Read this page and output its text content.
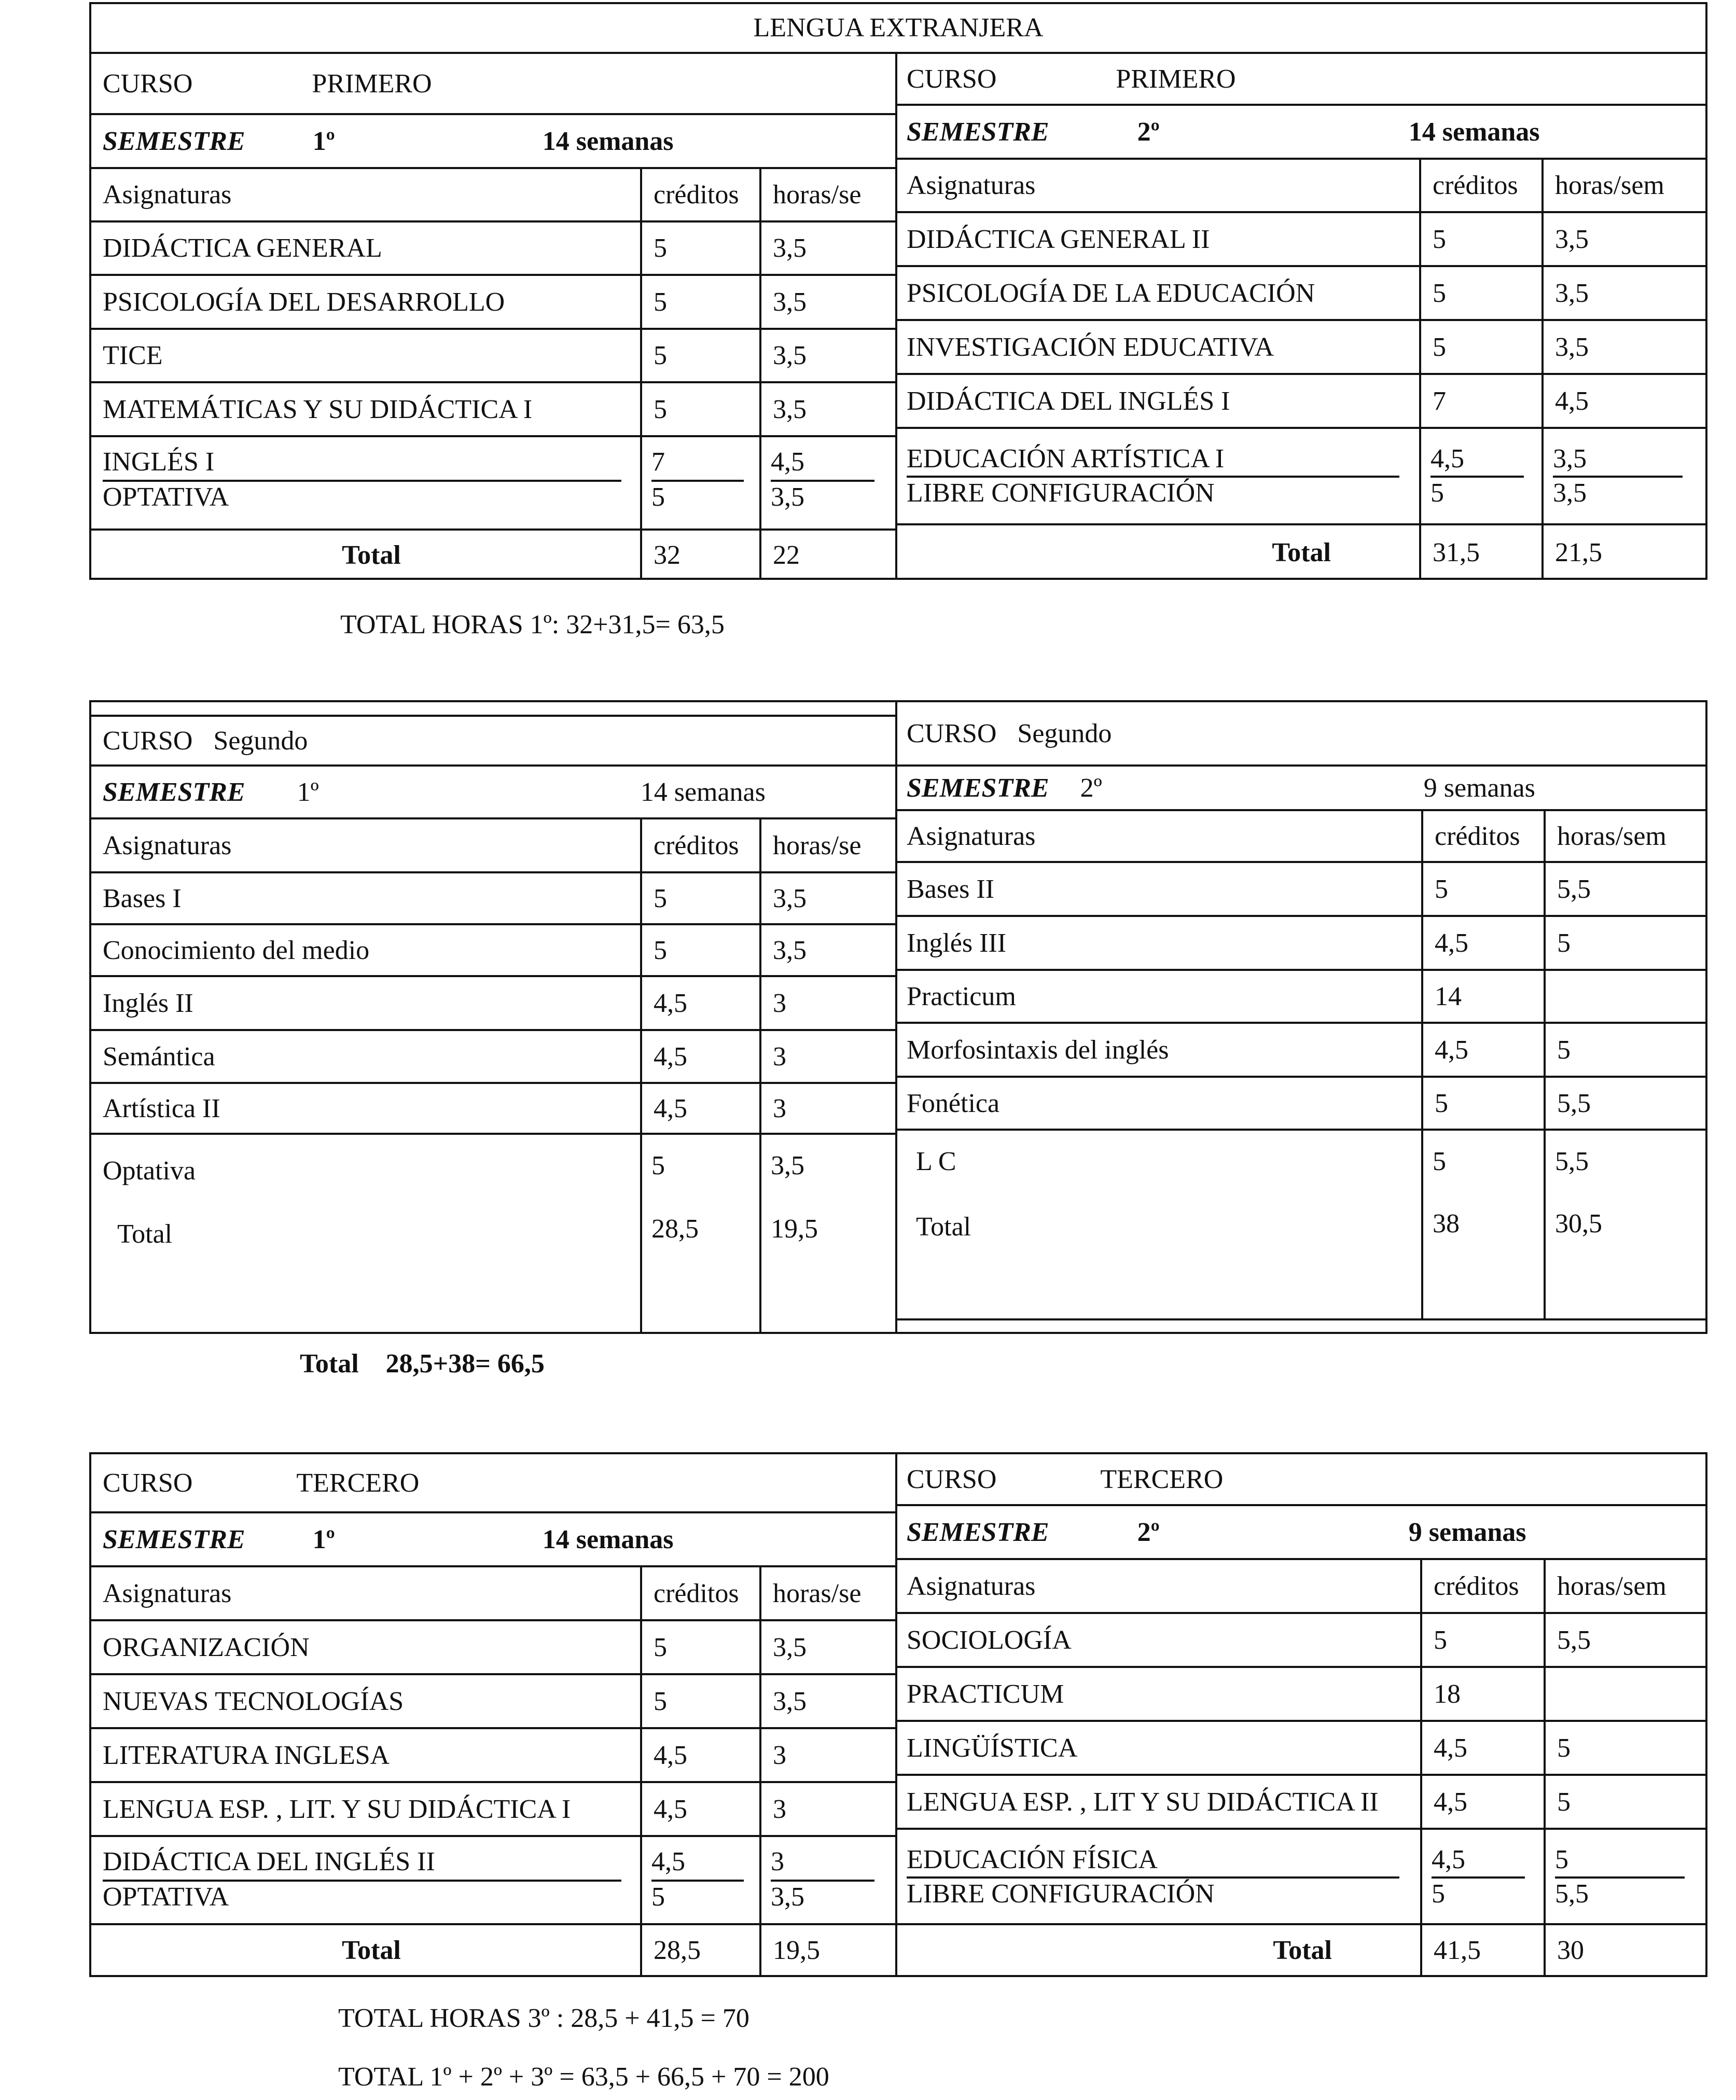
LENGUA EXTRANJERA
CURSO	PRIMERO
SEMESTRE	1º	14 semanas
Asignaturas	créditos	horas/se
DIDÁCTICA GENERAL	5	3,5
PSICOLOGÍA DEL DESARROLLO	5	3,5
TICE	5	3,5
MATEMÁTICAS Y SU DIDÁCTICA I	5	3,5
INGLÉS I	7	4,5
OPTATIVA	5	3,5
Total	32	22
CURSO	PRIMERO
SEMESTRE	2º	14 semanas
Asignaturas	créditos	horas/sem
DIDÁCTICA GENERAL II	5	3,5
PSICOLOGÍA DE LA EDUCACIÓN	5	3,5
INVESTIGACIÓN EDUCATIVA	5	3,5
DIDÁCTICA DEL INGLÉS I	7	4,5
EDUCACIÓN ARTÍSTICA I	4,5	3,5
LIBRE CONFIGURACIÓN	5	3,5
Total	31,5	21,5
TOTAL HORAS 1º: 32+31,5= 63,5
CURSO Segundo
SEMESTRE 1º	14 semanas
Asignaturas	créditos	horas/se
Bases I	5	3,5
Conocimiento del medio	5	3,5
Inglés II	4,5	3
Semántica	4,5	3
Artística II	4,5	3
Optativa	5	3,5
Total	28,5	19,5
CURSO Segundo
SEMESTRE 2º	9 semanas
Asignaturas	créditos	horas/sem
Bases II	5	5,5
Inglés III	4,5	5
Practicum	14
Morfosintaxis del inglés	4,5	5
Fonética	5	5,5
L C	5	5,5
Total	38	30,5
Total    28,5+38= 66,5
CURSO	TERCERO
SEMESTRE	1º	14 semanas
Asignaturas	créditos	horas/se
ORGANIZACIÓN	5	3,5
NUEVAS TECNOLOGÍAS	5	3,5
LITERATURA INGLESA	4,5	3
LENGUA ESP. , LIT. Y SU DIDÁCTICA I	4,5	3
DIDÁCTICA DEL INGLÉS II	4,5	3
OPTATIVA	5	3,5
Total	28,5	19,5
CURSO	TERCERO
SEMESTRE	2º	9 semanas
Asignaturas	créditos	horas/sem
SOCIOLOGÍA	5	5,5
PRACTICUM	18
LINGÜÍSTICA	4,5	5
LENGUA ESP. , LIT Y SU DIDÁCTICA II	4,5	5
EDUCACIÓN FÍSICA	4,5	5
LIBRE CONFIGURACIÓN	5	5,5
Total	41,5	30
TOTAL HORAS 3º : 28,5 + 41,5 = 70
TOTAL 1º + 2º + 3º = 63,5 + 66,5 + 70 = 200
